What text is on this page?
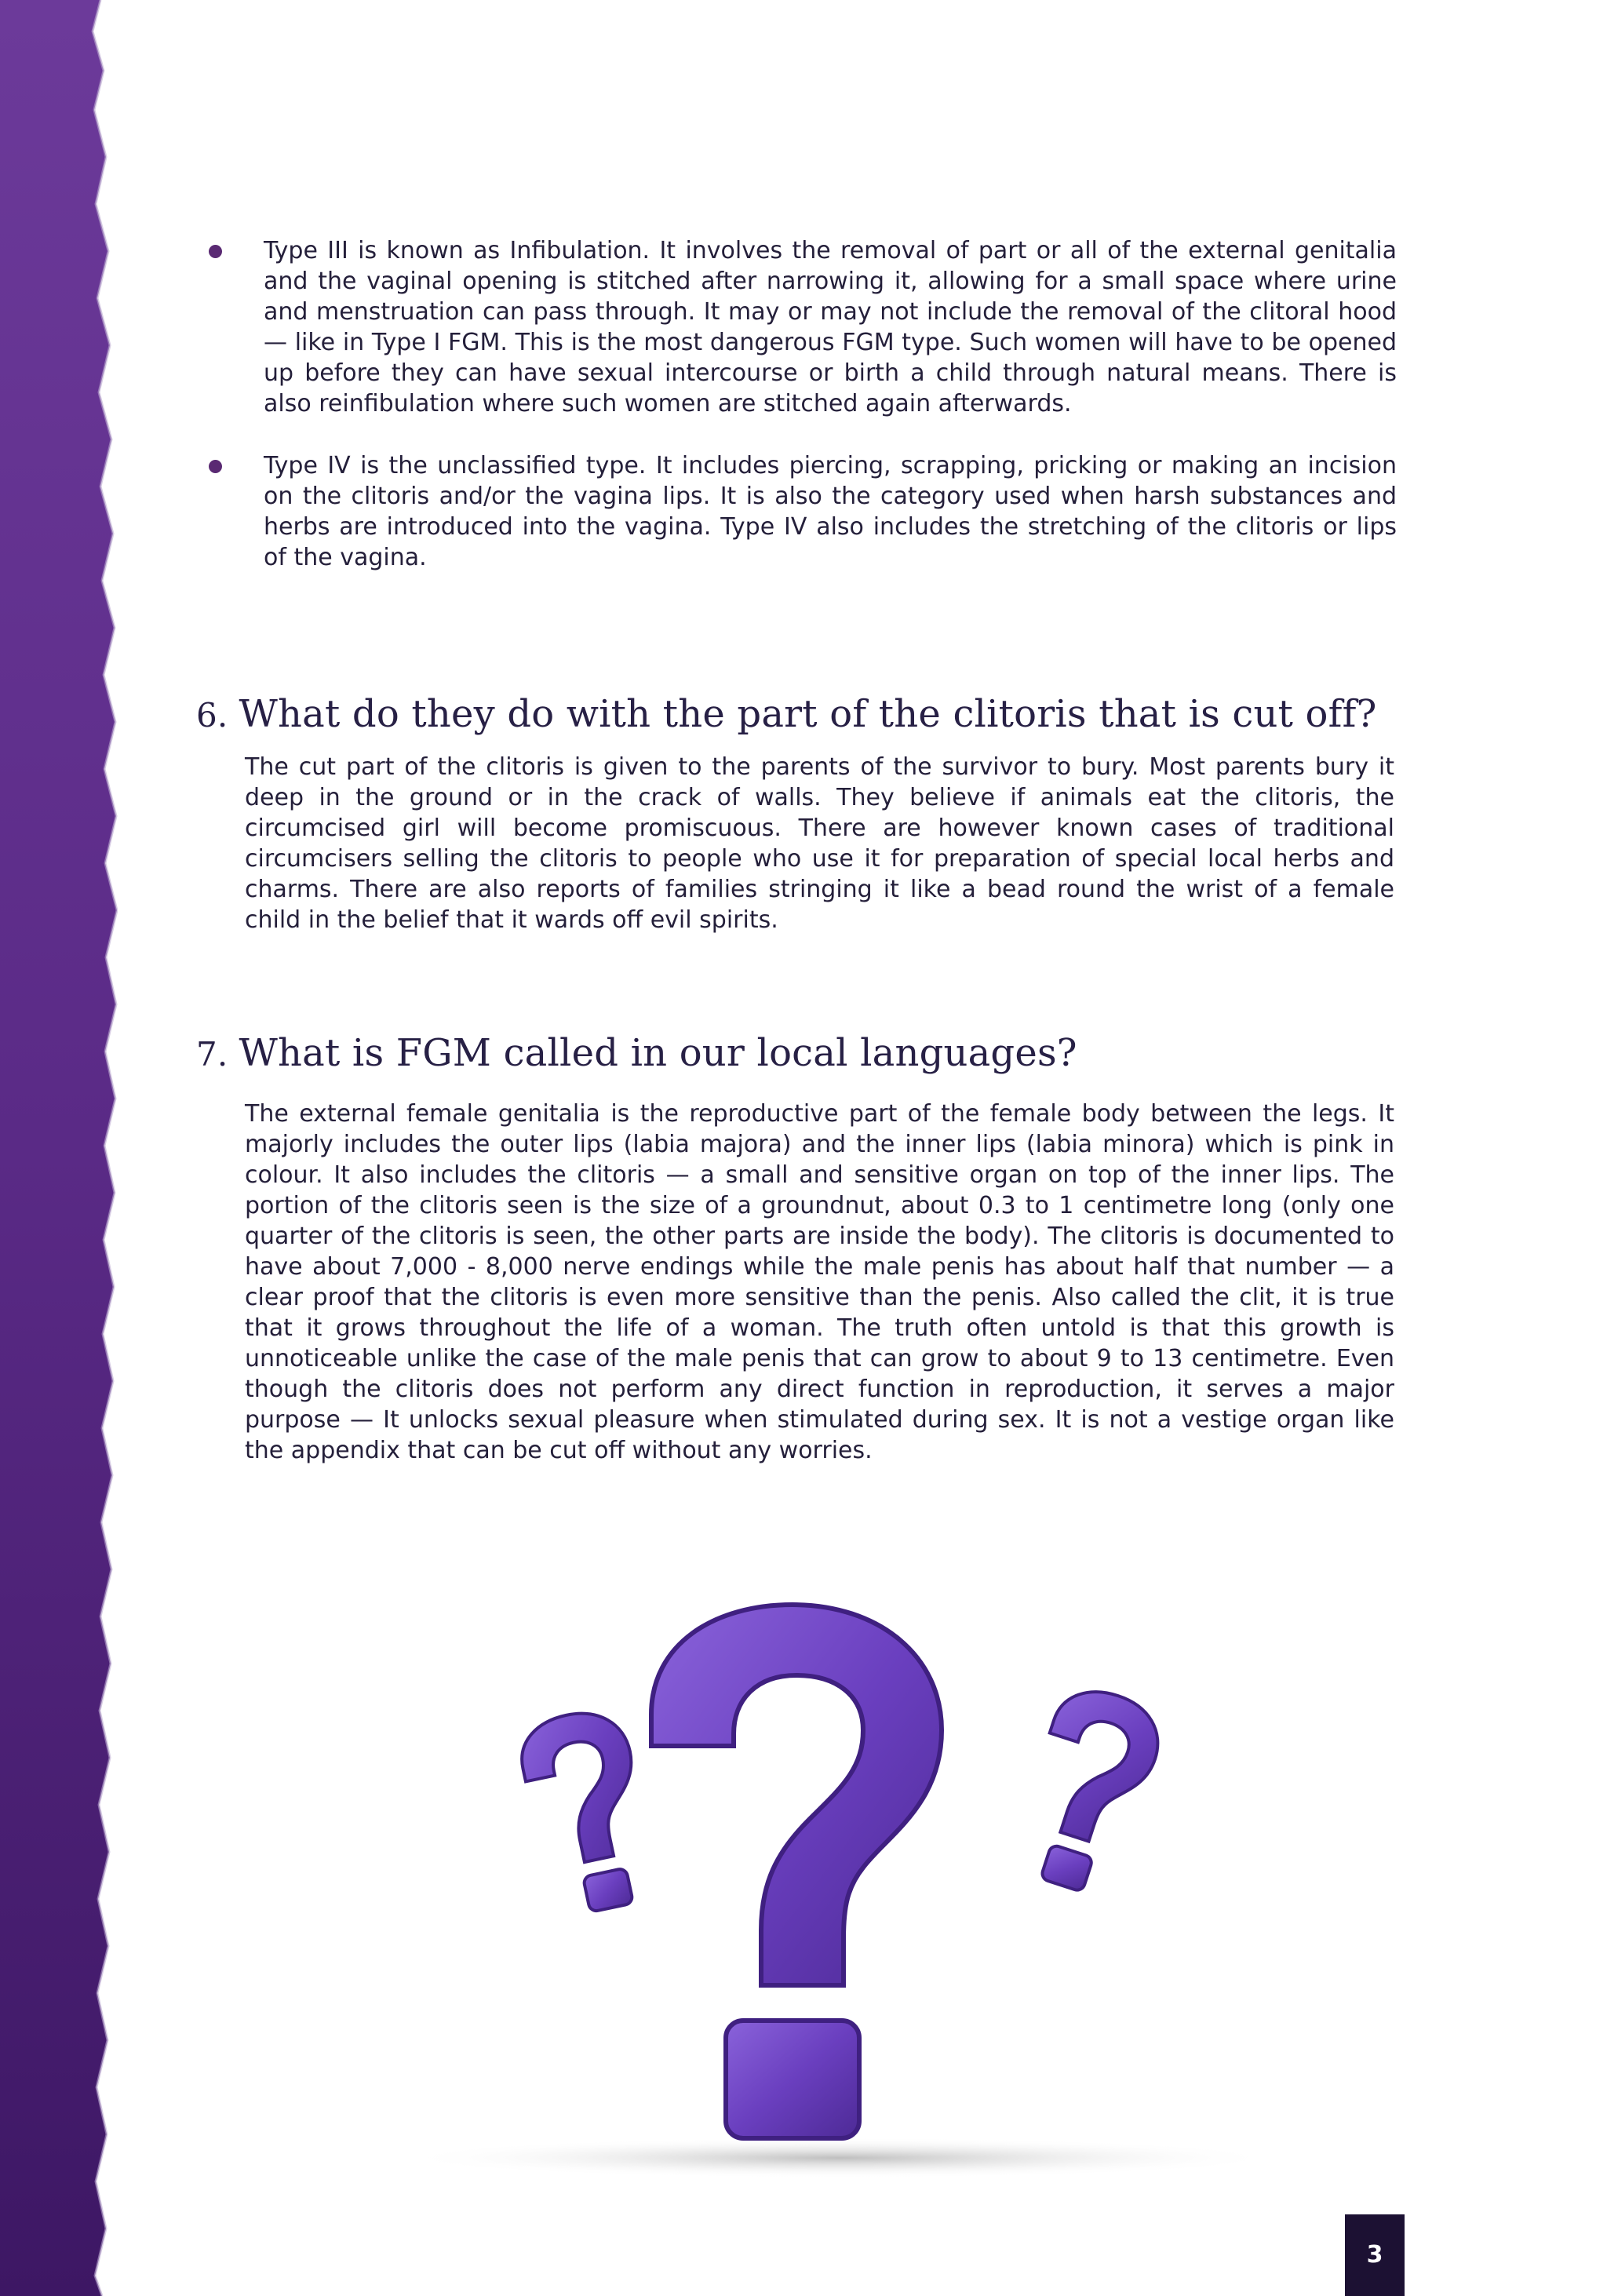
Type III is known as Infibulation. It involves the removal of part or all of the external genitalia and the vaginal opening is stitched after narrowing it, allowing for a small space where urine and menstruation can pass through. It may or may not include the removal of the clitoral hood — like in Type I FGM. This is the most dangerous FGM type. Such women will have to be opened up before they can have sexual intercourse or birth a child through natural means. There is also reinfibulation where such women are stitched again afterwards.
Type IV is the unclassified type. It includes piercing, scrapping, pricking or making an incision on the clitoris and/or the vagina lips. It is also the category used when harsh substances and herbs are introduced into the vagina. Type IV also includes the stretching of the clitoris or lips of the vagina.
6. What do they do with the part of the clitoris that is cut off?

The cut part of the clitoris is given to the parents of the survivor to bury. Most parents bury it deep in the ground or in the crack of walls. They believe if animals eat the clitoris, the circumcised girl will become promiscuous. There are however known cases of traditional circumcisers selling the clitoris to people who use it for preparation of special local herbs and charms. There are also reports of families stringing it like a bead round the wrist of a female child in the belief that it wards off evil spirits.

7. What is FGM called in our local languages?

The external female genitalia is the reproductive part of the female body between the legs. It majorly includes the outer lips (labia majora) and the inner lips (labia minora) which is pink in colour. It also includes the clitoris — a small and sensitive organ on top of the inner lips. The portion of the clitoris seen is the size of a groundnut, about 0.3 to 1 centimetre long (only one quarter of the clitoris is seen, the other parts are inside the body). The clitoris is documented to have about 7,000 - 8,000 nerve endings while the male penis has about half that number — a clear proof that the clitoris is even more sensitive than the penis. Also called the clit, it is true that it grows throughout the life of a woman. The truth often untold is that this growth is unnoticeable unlike the case of the male penis that can grow to about 9 to 13 centimetre. Even though the clitoris does not perform any direct function in reproduction, it serves a major purpose — It unlocks sexual pleasure when stimulated during sex. It is not a vestige organ like the appendix that can be cut off without any worries.

3
